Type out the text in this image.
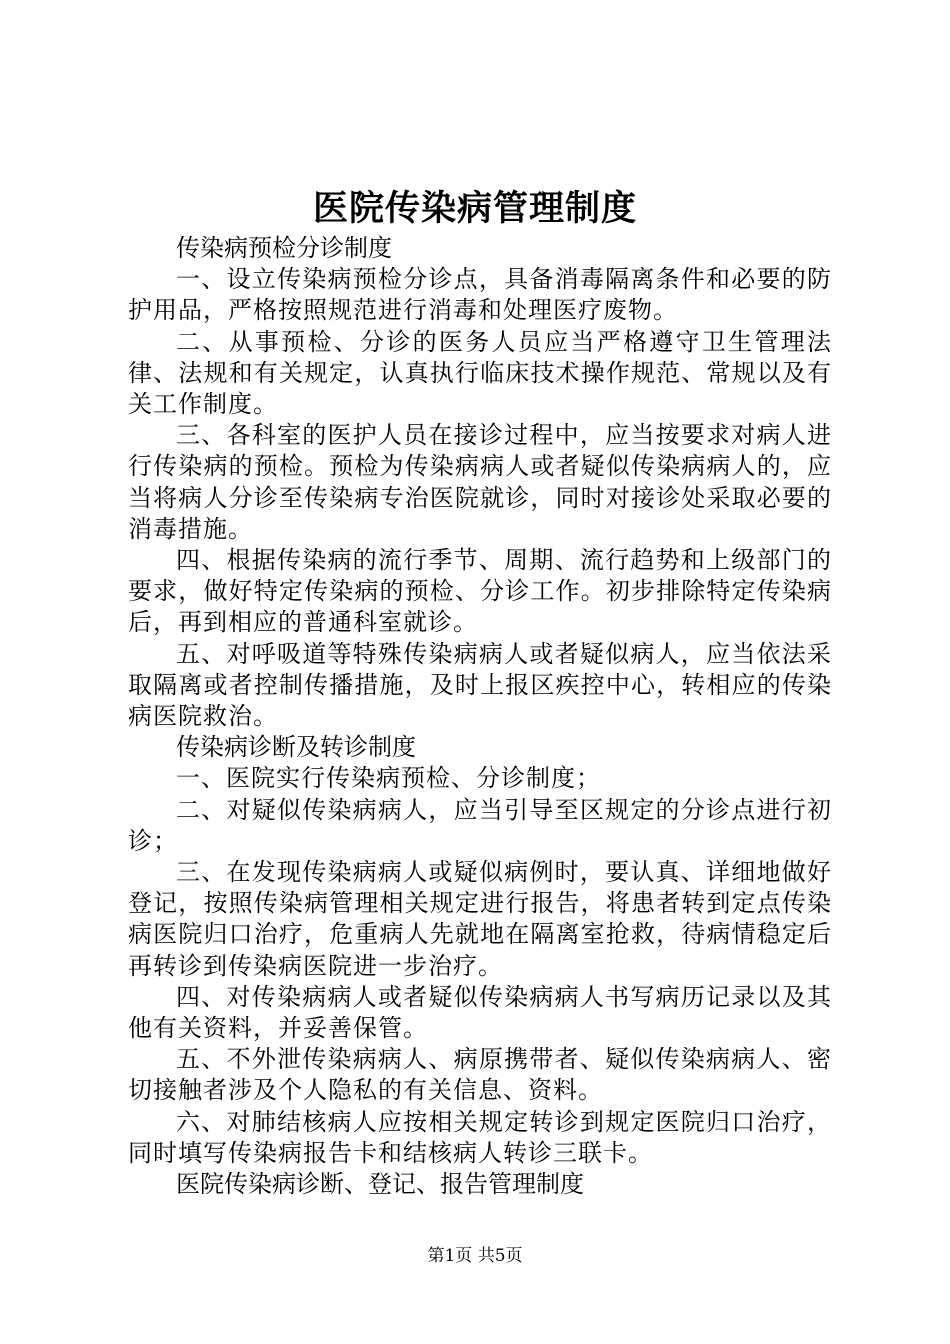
医院传染病管理制度

传染病预检分诊制度

一、设立传染病预检分诊点，具备消毒隔离条件和必要的防护用品，严格按照规范进行消毒和处理医疗废物。

二、从事预检、分诊的医务人员应当严格遵守卫生管理法律、法规和有关规定，认真执行临床技术操作规范、常规以及有关工作制度。

三、各科室的医护人员在接诊过程中，应当按要求对病人进行传染病的预检。预检为传染病病人或者疑似传染病病人的，应当将病人分诊至传染病专治医院就诊，同时对接诊处采取必要的消毒措施。

四、根据传染病的流行季节、周期、流行趋势和上级部门的要求，做好特定传染病的预检、分诊工作。初步排除特定传染病后，再到相应的普通科室就诊。

五、对呼吸道等特殊传染病病人或者疑似病人，应当依法采取隔离或者控制传播措施，及时上报区疾控中心，转相应的传染病医院救治。

传染病诊断及转诊制度

一、医院实行传染病预检、分诊制度；

二、对疑似传染病病人，应当引导至区规定的分诊点进行初诊；

三、在发现传染病病人或疑似病例时，要认真、详细地做好登记，按照传染病管理相关规定进行报告，将患者转到定点传染病医院归口治疗，危重病人先就地在隔离室抢救，待病情稳定后再转诊到传染病医院进一步治疗。

四、对传染病病人或者疑似传染病病人书写病历记录以及其他有关资料，并妥善保管。

五、不外泄传染病病人、病原携带者、疑似传染病病人、密切接触者涉及个人隐私的有关信息、资料。

六、对肺结核病人应按相关规定转诊到规定医院归口治疗，同时填写传染病报告卡和结核病人转诊三联卡。

医院传染病诊断、登记、报告管理制度

第1页 共5页
